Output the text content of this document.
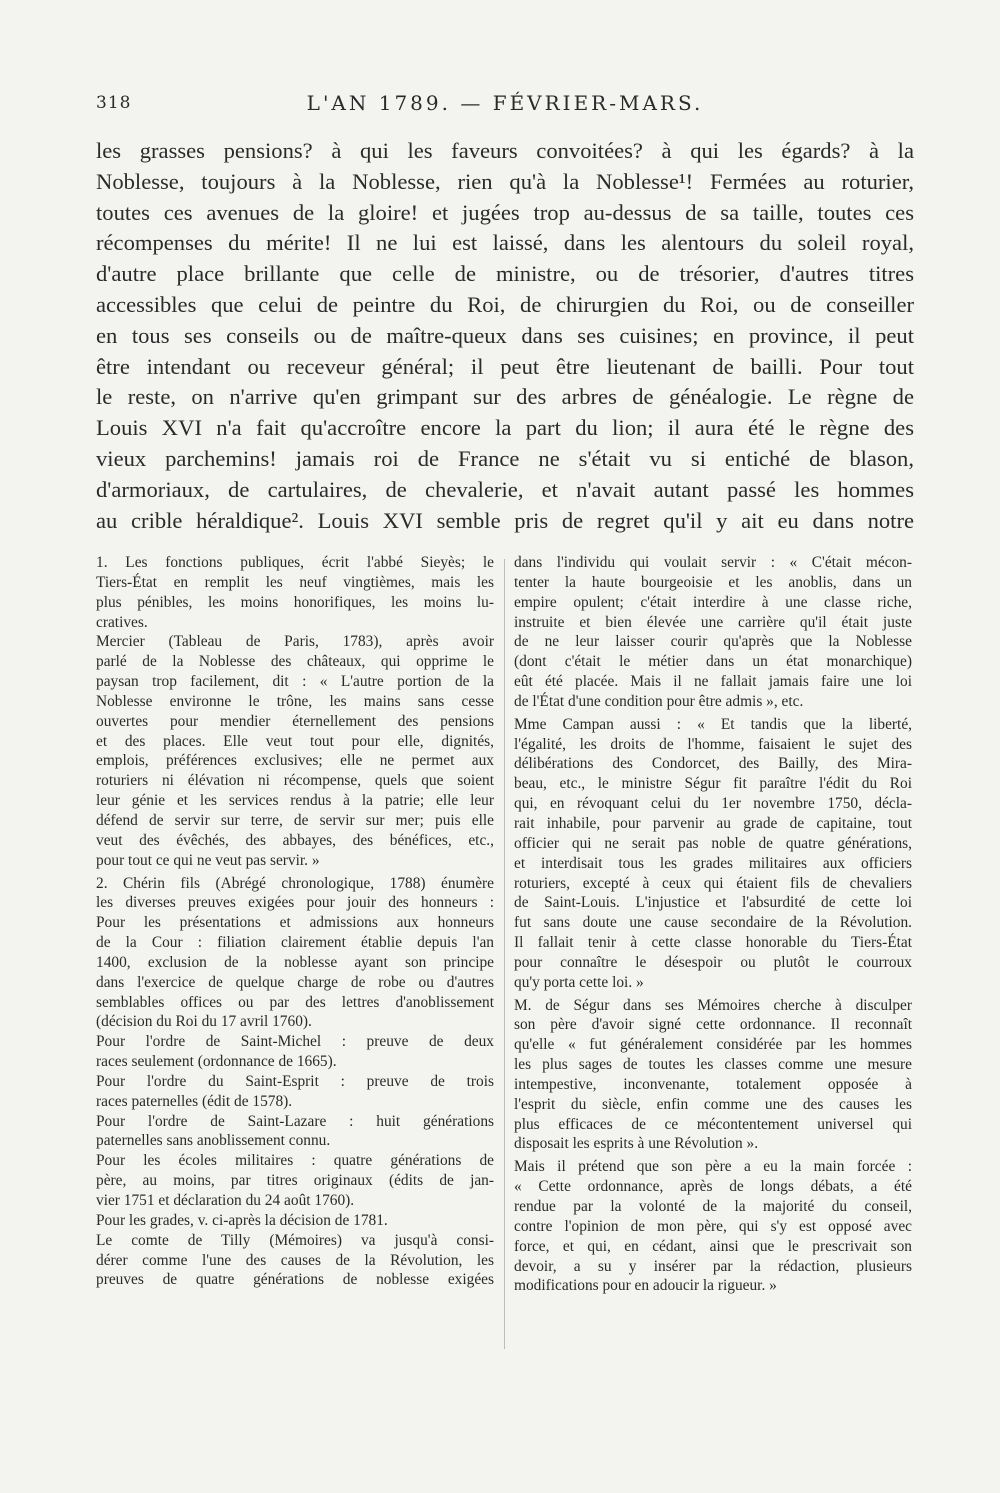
318	L'AN 1789. — FÉVRIER-MARS.
les grasses pensions? à qui les faveurs convoitées? à qui les égards? à la
Noblesse, toujours à la Noblesse, rien qu'à la Noblesse¹! Fermées au roturier,
toutes ces avenues de la gloire! et jugées trop au-dessus de sa taille, toutes ces
récompenses du mérite! Il ne lui est laissé, dans les alentours du soleil royal,
d'autre place brillante que celle de ministre, ou de trésorier, d'autres titres
accessibles que celui de peintre du Roi, de chirurgien du Roi, ou de conseiller
en tous ses conseils ou de maître-queux dans ses cuisines; en province, il peut
être intendant ou receveur général; il peut être lieutenant de bailli. Pour tout
le reste, on n'arrive qu'en grimpant sur des arbres de généalogie. Le règne de
Louis XVI n'a fait qu'accroître encore la part du lion; il aura été le règne des
vieux parchemins! jamais roi de France ne s'était vu si entiché de blason,
d'armoriaux, de cartulaires, de chevalerie, et n'avait autant passé les hommes
au crible héraldique². Louis XVI semble pris de regret qu'il y ait eu dans notre
1. Les fonctions publiques, écrit l'abbé Sieyès; le
Tiers-État en remplit les neuf vingtièmes, mais les
plus pénibles, les moins honorifiques, les moins lu-
cratives.
Mercier (Tableau de Paris, 1783), après avoir
parlé de la Noblesse des châteaux, qui opprime le
paysan trop facilement, dit : « L'autre portion de la
Noblesse environne le trône, les mains sans cesse
ouvertes pour mendier éternellement des pensions
et des places. Elle veut tout pour elle, dignités,
emplois, préférences exclusives; elle ne permet aux
roturiers ni élévation ni récompense, quels que soient
leur génie et les services rendus à la patrie; elle leur
défend de servir sur terre, de servir sur mer; puis elle
veut des évêchés, des abbayes, des bénéfices, etc.,
pour tout ce qui ne veut pas servir. »
2. Chérin fils (Abrégé chronologique, 1788) énumère
les diverses preuves exigées pour jouir des honneurs :
Pour les présentations et admissions aux honneurs
de la Cour : filiation clairement établie depuis l'an
1400, exclusion de la noblesse ayant son principe
dans l'exercice de quelque charge de robe ou d'autres
semblables offices ou par des lettres d'anoblissement
(décision du Roi du 17 avril 1760).
Pour l'ordre de Saint-Michel : preuve de deux
races seulement (ordonnance de 1665).
Pour l'ordre du Saint-Esprit : preuve de trois
races paternelles (édit de 1578).
Pour l'ordre de Saint-Lazare : huit générations
paternelles sans anoblissement connu.
Pour les écoles militaires : quatre générations de
père, au moins, par titres originaux (édits de jan-
vier 1751 et déclaration du 24 août 1760).
Pour les grades, v. ci-après la décision de 1781.
Le comte de Tilly (Mémoires) va jusqu'à consi-
dérer comme l'une des causes de la Révolution, les
preuves de quatre générations de noblesse exigées
dans l'individu qui voulait servir : « C'était mécon-
tenter la haute bourgeoisie et les anoblis, dans un
empire opulent; c'était interdire à une classe riche,
instruite et bien élevée une carrière qu'il était juste
de ne leur laisser courir qu'après que la Noblesse
(dont c'était le métier dans un état monarchique)
eût été placée. Mais il ne fallait jamais faire une loi
de l'État d'une condition pour être admis », etc.
Mme Campan aussi : « Et tandis que la liberté,
l'égalité, les droits de l'homme, faisaient le sujet des
délibérations des Condorcet, des Bailly, des Mira-
beau, etc., le ministre Ségur fit paraître l'édit du Roi
qui, en révoquant celui du 1er novembre 1750, décla-
rait inhabile, pour parvenir au grade de capitaine, tout
officier qui ne serait pas noble de quatre générations,
et interdisait tous les grades militaires aux officiers
roturiers, excepté à ceux qui étaient fils de chevaliers
de Saint-Louis. L'injustice et l'absurdité de cette loi
fut sans doute une cause secondaire de la Révolution.
Il fallait tenir à cette classe honorable du Tiers-État
pour connaître le désespoir ou plutôt le courroux
qu'y porta cette loi. »
M. de Ségur dans ses Mémoires cherche à disculper
son père d'avoir signé cette ordonnance. Il reconnaît
qu'elle « fut généralement considérée par les hommes
les plus sages de toutes les classes comme une mesure
intempestive, inconvenante, totalement opposée à
l'esprit du siècle, enfin comme une des causes les
plus efficaces de ce mécontentement universel qui
disposait les esprits à une Révolution ».
Mais il prétend que son père a eu la main forcée :
« Cette ordonnance, après de longs débats, a été
rendue par la volonté de la majorité du conseil,
contre l'opinion de mon père, qui s'y est opposé avec
force, et qui, en cédant, ainsi que le prescrivait son
devoir, a su y insérer par la rédaction, plusieurs
modifications pour en adoucir la rigueur. »
